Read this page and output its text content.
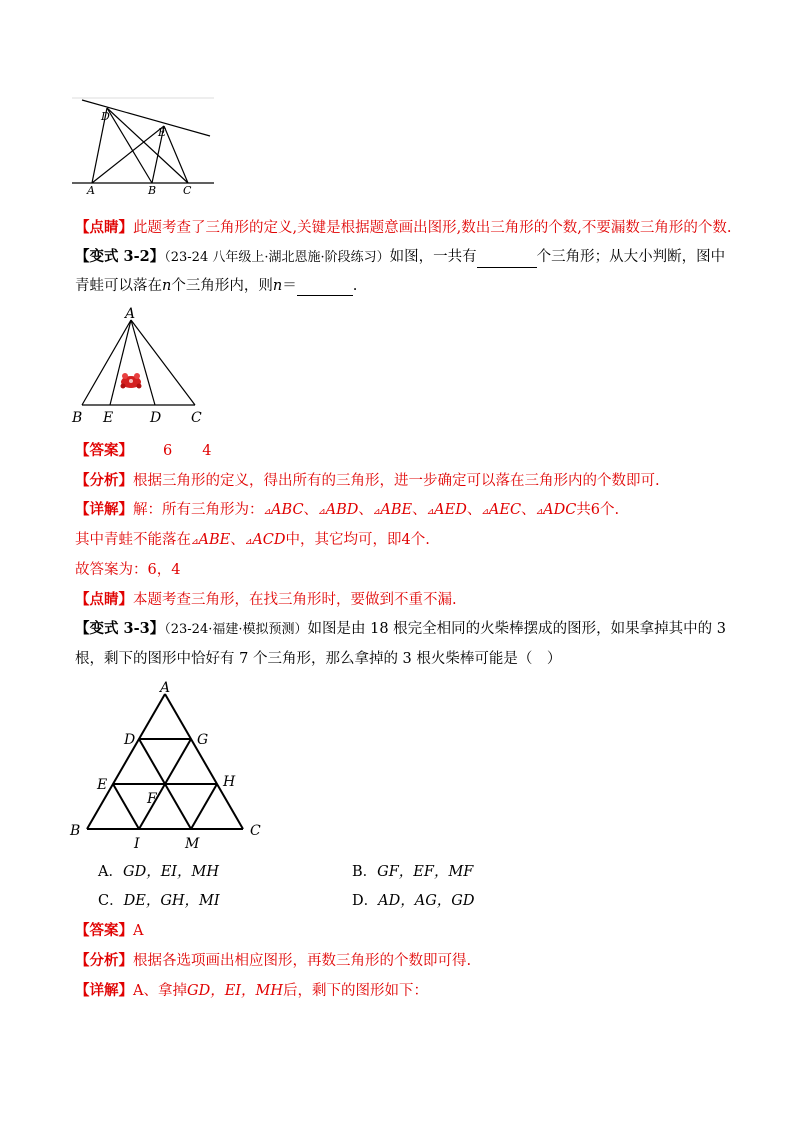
D
E
A	B C
【点睛】此题考查了三角形的定义,关键是根据题意画出图形,数出三角形的个数,不要漏数三角形的个数.
【变式 3-2】（23-24 八年级上·湖北恩施·阶段练习）如图，一共有	个三角形；从大小判断，图中
青蛙可以落在n个三角形内，则n＝	.
A
B E	D C
【答案】 6 4
【分析】根据三角形的定义，得出所有的三角形，进一步确定可以落在三角形内的个数即可.
【详解】解：所有三角形为：⊿ABC、⊿ABD、⊿ABE、⊿AED、⊿AEC、⊿ADC共6个.
其中青蛙不能落在⊿ABE、⊿ACD中，其它均可，即4个.
故答案为：6，4
【点睛】本题考查三角形，在找三角形时，要做到不重不漏.
【变式 3-3】（23-24·福建·模拟预测）如图是由 18 根完全相同的火柴棒摆成的图形，如果拿掉其中的 3
根，剩下的图形中恰好有 7 个三角形，那么拿掉的 3 根火柴棒可能是（　）
A
D	G
E	H
F
B
I	M
C
A．GD，EI，MH	B．GF，EF，MF
C．DE，GH，MI	D．AD，AG，GD
【答案】A
【分析】根据各选项画出相应图形，再数三角形的个数即可得.
【详解】A、拿掉GD，EI，MH后，剩下的图形如下：
